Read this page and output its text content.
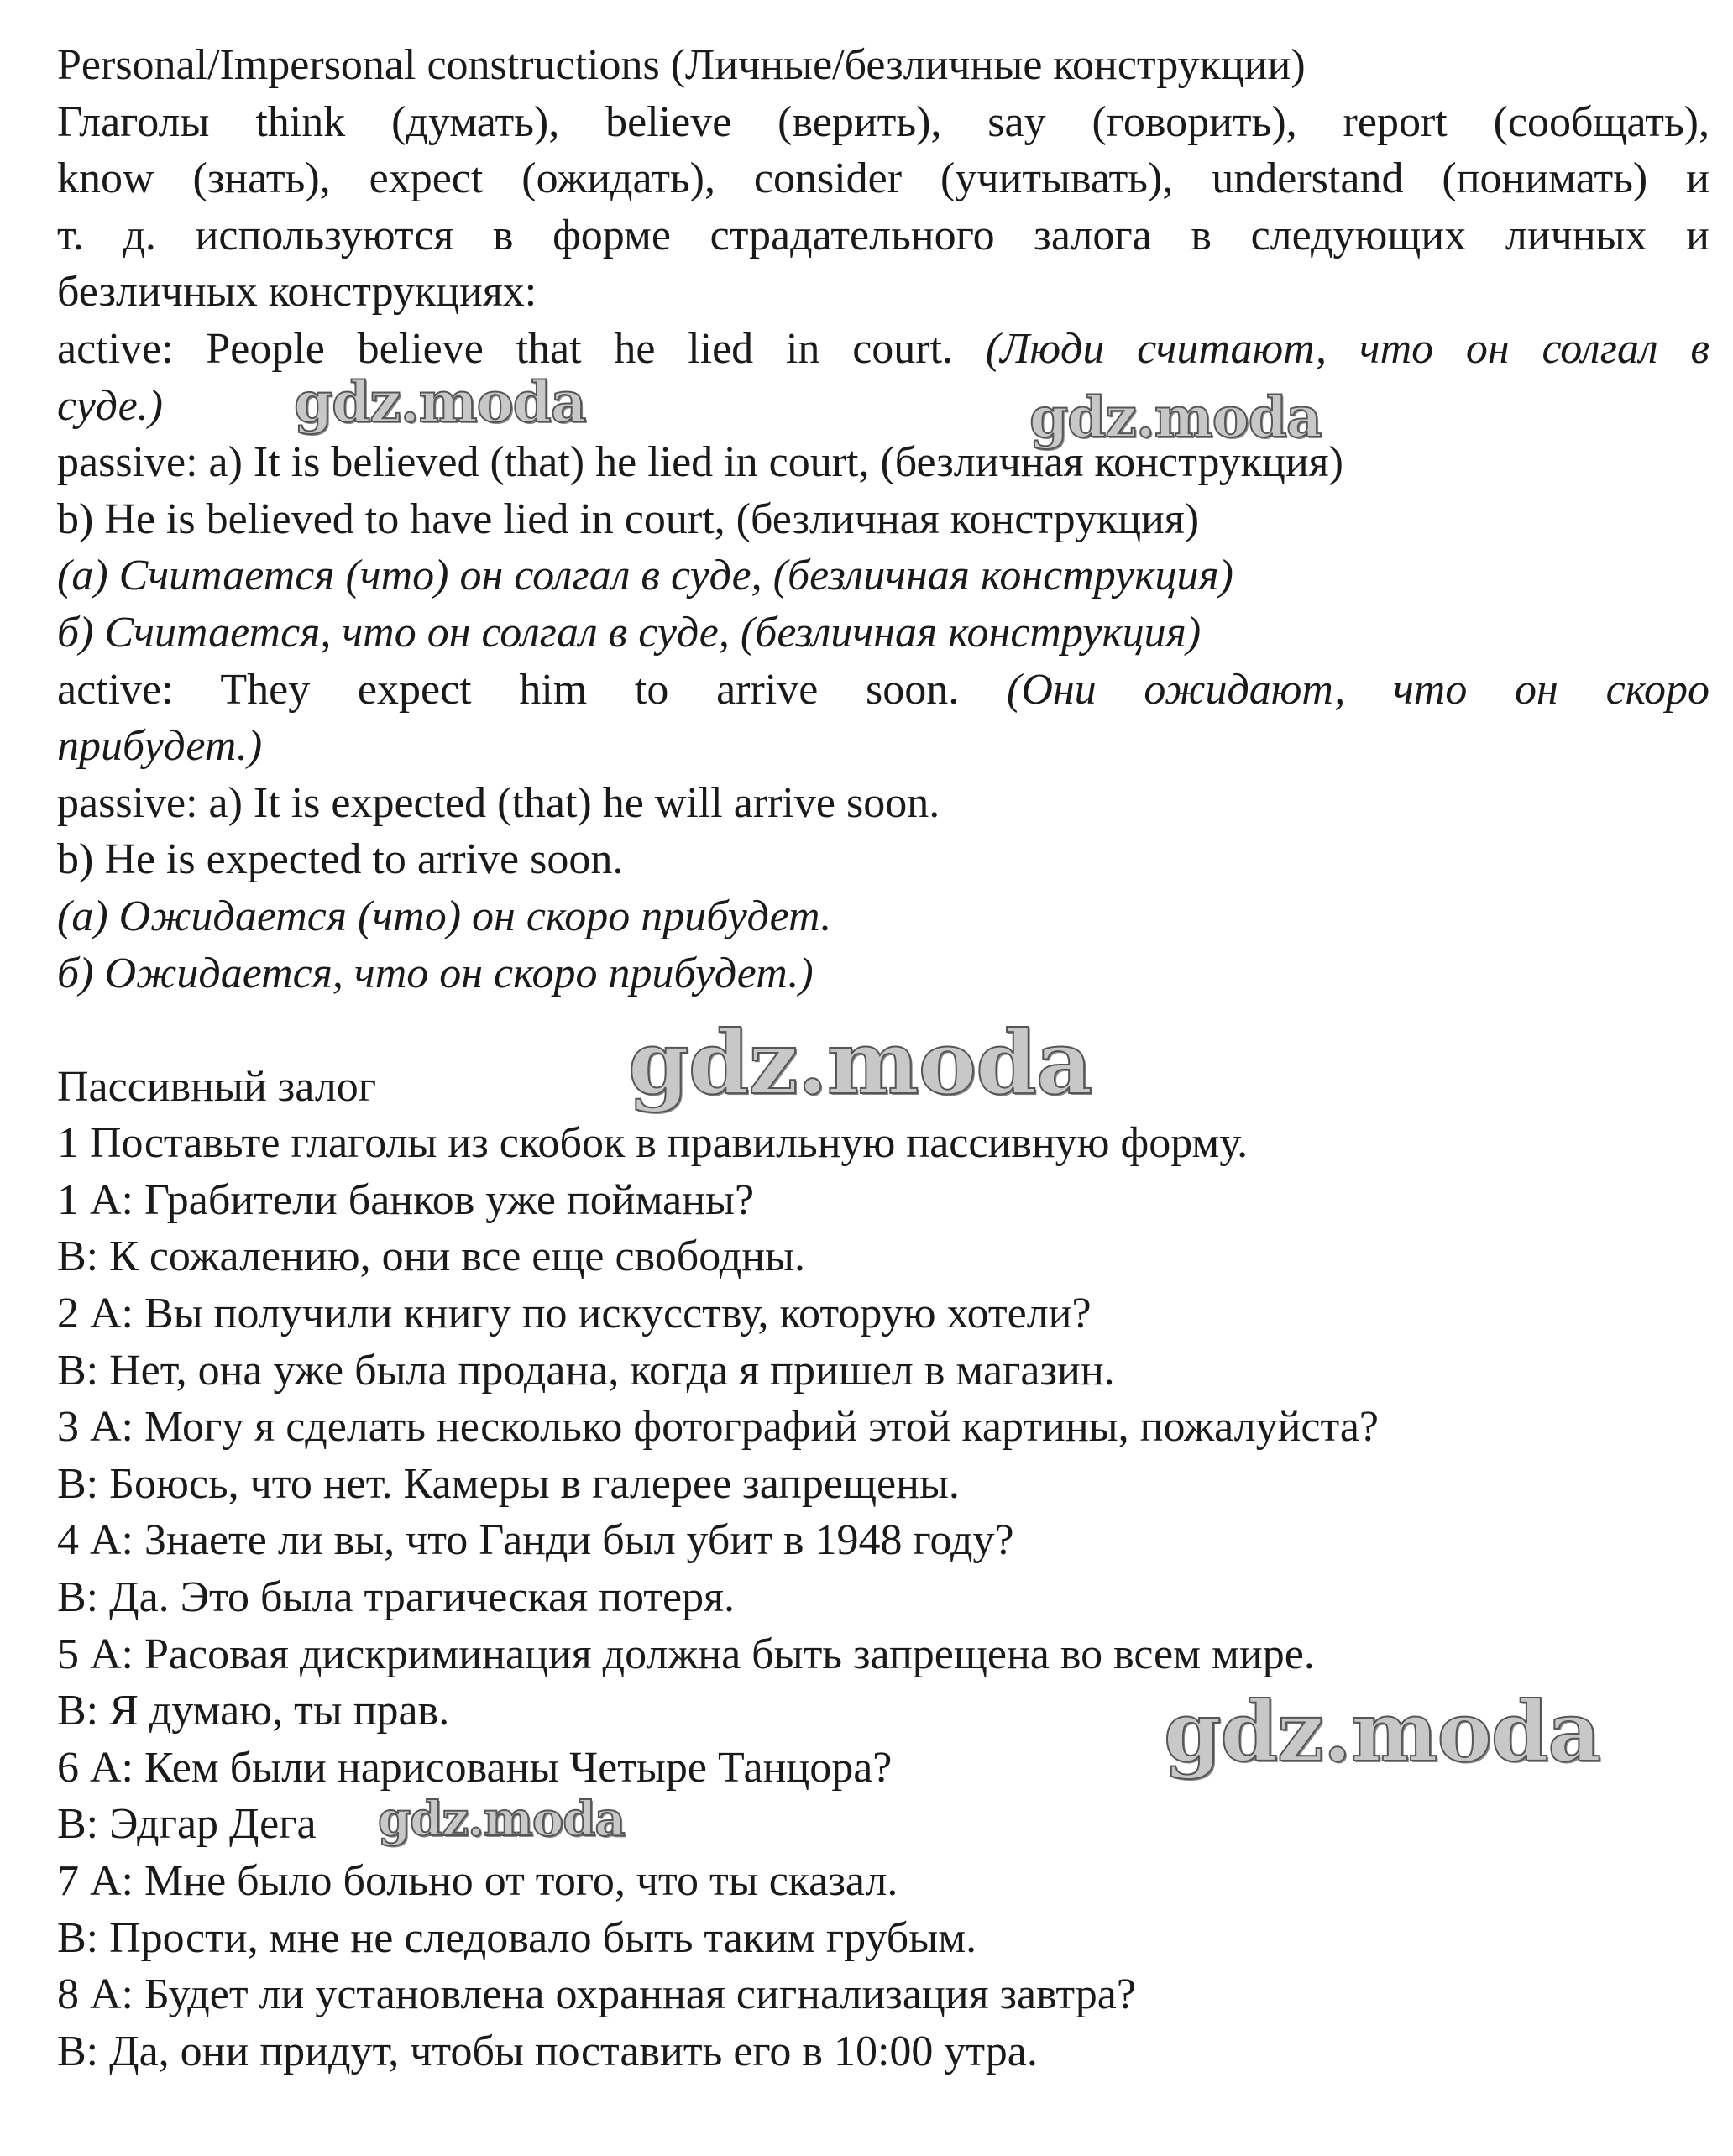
Personal/Impersonal constructions (Личные/безличные конструкции)
Глаголы think (думать), believe (верить), say (говорить), report (сообщать),
know (знать), expect (ожидать), consider (учитывать), understand (понимать) и
т. д. используются в форме страдательного залога в следующих личных и
безличных конструкциях:
active: People believe that he lied in court. (Люди считают, что он солгал в
суде.)
passive: a) It is believed (that) he lied in court, (безличная конструкция)
b) He is believed to have lied in court, (безличная конструкция)
(а) Считается (что) он солгал в суде, (безличная конструкция)
б) Считается, что он солгал в суде, (безличная конструкция)
active: They expect him to arrive soon. (Они ожидают, что он скоро
прибудет.)
passive: a) It is expected (that) he will arrive soon.
b) He is expected to arrive soon.
(а) Ожидается (что) он скоро прибудет.
б) Ожидается, что он скоро прибудет.)
Пассивный залог
1 Поставьте глаголы из скобок в правильную пассивную форму.
1 А: Грабители банков уже пойманы?
В: К сожалению, они все еще свободны.
2 А: Вы получили книгу по искусству, которую хотели?
В: Нет, она уже была продана, когда я пришел в магазин.
3 А: Могу я сделать несколько фотографий этой картины, пожалуйста?
В: Боюсь, что нет. Камеры в галерее запрещены.
4 А: Знаете ли вы, что Ганди был убит в 1948 году?
В: Да. Это была трагическая потеря.
5 А: Расовая дискриминация должна быть запрещена во всем мире.
В: Я думаю, ты прав.
6 А: Кем были нарисованы Четыре Танцора?
В: Эдгар Дега
7 А: Мне было больно от того, что ты сказал.
В: Прости, мне не следовало быть таким грубым.
8 А: Будет ли установлена охранная сигнализация завтра?
В: Да, они придут, чтобы поставить его в 10:00 утра.
gdz.moda	gdz.moda
gdz.moda
gdz.moda
gdz.moda
